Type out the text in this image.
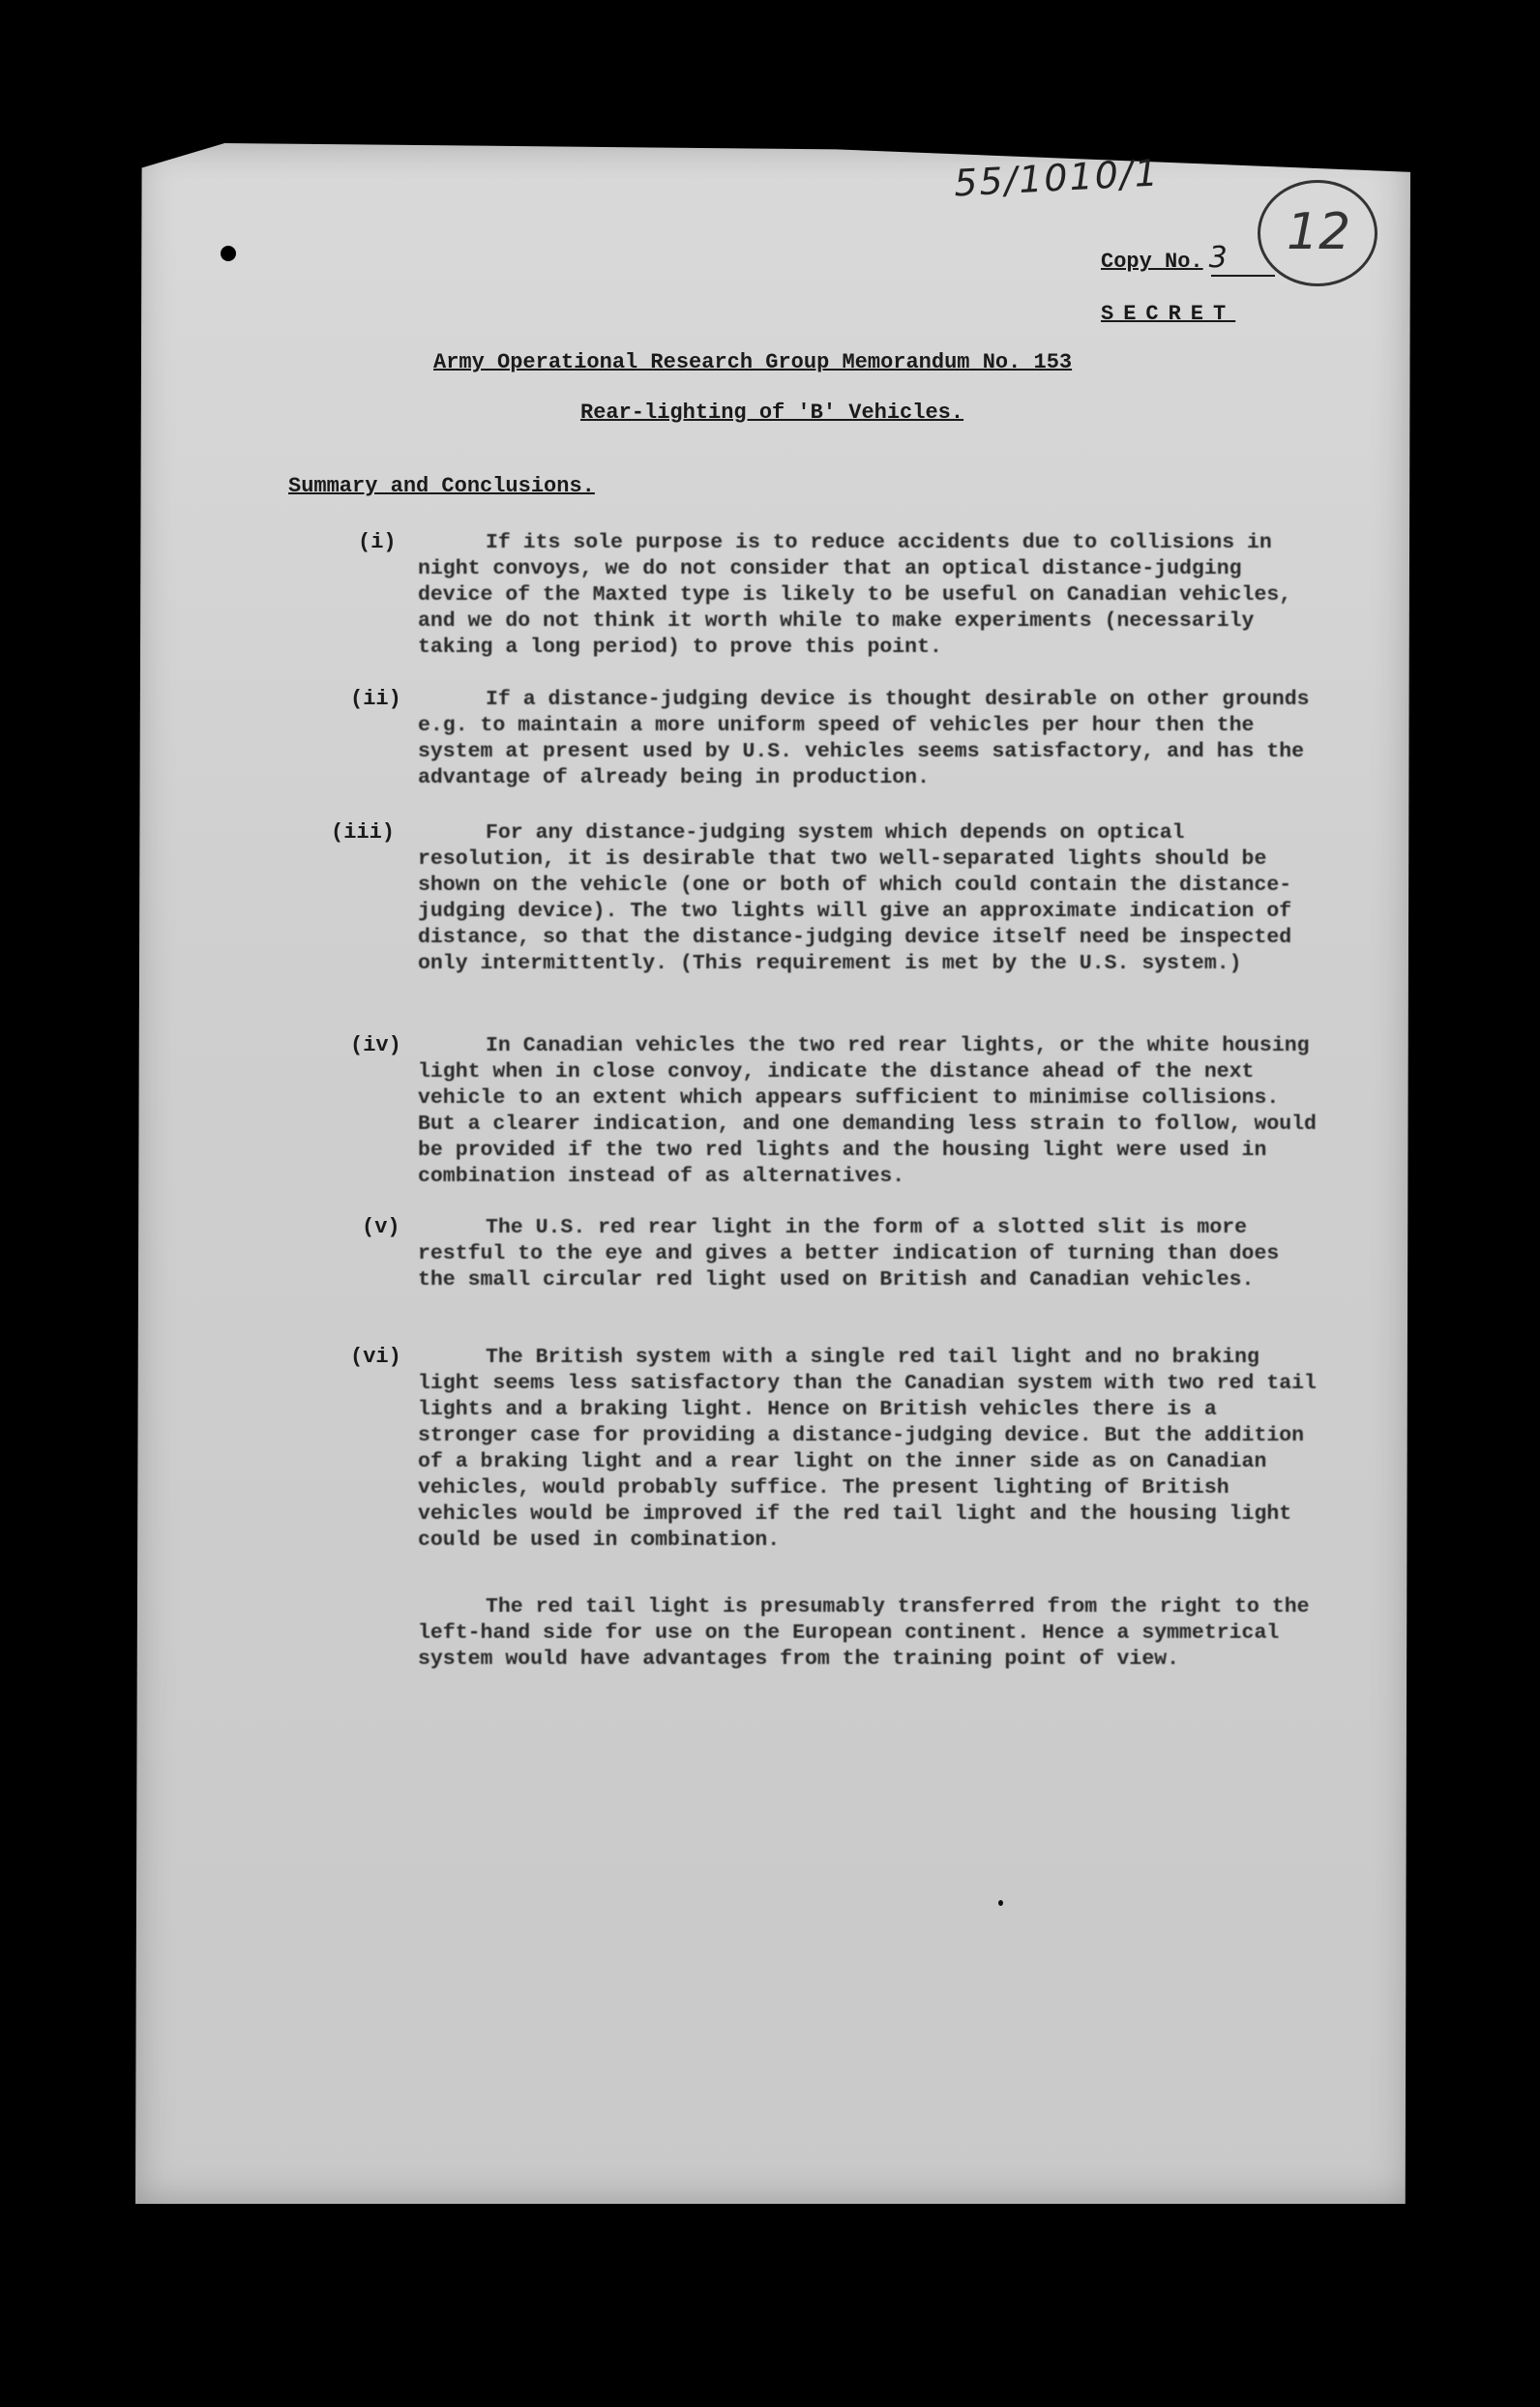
55/1010/1
12
Copy No. 3
SECRET
Army Operational Research Group Memorandum No. 153
Rear-lighting of 'B' Vehicles.
Summary and Conclusions.
(i)	If its sole purpose is to reduce accidents due to collisions in night convoys, we do not consider that an optical distance-judging device of the Maxted type is likely to be useful on Canadian vehicles, and we do not think it worth while to make experiments (necessarily taking a long period) to prove this point.
(ii)	If a distance-judging device is thought desirable on other grounds e.g. to maintain a more uniform speed of vehicles per hour then the system at present used by U.S. vehicles seems satisfactory, and has the advantage of already being in production.
(iii)	For any distance-judging system which depends on optical resolution, it is desirable that two well-separated lights should be shown on the vehicle (one or both of which could contain the distance-judging device). The two lights will give an approximate indication of distance, so that the distance-judging device itself need be inspected only intermittently. (This requirement is met by the U.S. system.)
(iv)	In Canadian vehicles the two red rear lights, or the white housing light when in close convoy, indicate the distance ahead of the next vehicle to an extent which appears sufficient to minimise collisions. But a clearer indication, and one demanding less strain to follow, would be provided if the two red lights and the housing light were used in combination instead of as alternatives.
(v)	The U.S. red rear light in the form of a slotted slit is more restful to the eye and gives a better indication of turning than does the small circular red light used on British and Canadian vehicles.
(vi)	The British system with a single red tail light and no braking light seems less satisfactory than the Canadian system with two red tail lights and a braking light. Hence on British vehicles there is a stronger case for providing a distance-judging device. But the addition of a braking light and a rear light on the inner side as on Canadian vehicles, would probably suffice. The present lighting of British vehicles would be improved if the red tail light and the housing light could be used in combination.
The red tail light is presumably transferred from the right to the left-hand side for use on the European continent. Hence a symmetrical system would have advantages from the training point of view.
